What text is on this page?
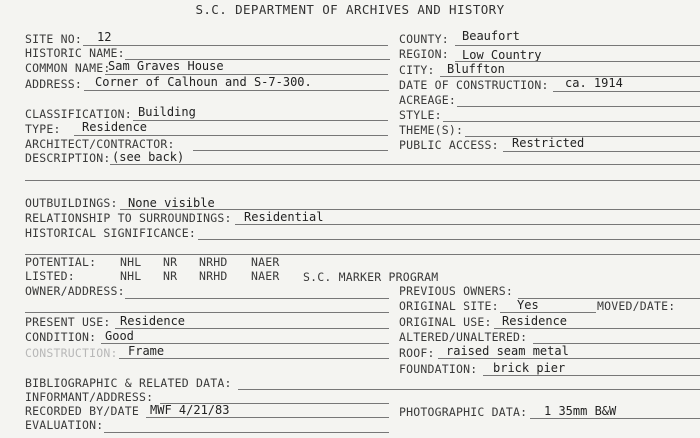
S.C. DEPARTMENT OF ARCHIVES AND HISTORY
SITE NO: 12
HISTORIC NAME:
COMMON NAME:
Sam Graves House
ADDRESS: Corner of Calhoun and S-7-300.
CLASSIFICATION: Building
TYPE: Residence
ARCHITECT/CONTRACTOR:
DESCRIPTION: (see back)
COUNTY: Beaufort
REGION: Low Country
CITY: Bluffton
DATE OF CONSTRUCTION: ca. 1914
ACREAGE:
STYLE:
THEME(S):
PUBLIC ACCESS: Restricted
OUTBUILDINGS: None visible
RELATIONSHIP TO SURROUNDINGS: Residential
HISTORICAL SIGNIFICANCE:
POTENTIAL: NHL NR NRHD NAER
LISTED:	NHL NR NRHD NAER S.C. MARKER PROGRAM
OWNER/ADDRESS:
PRESENT USE: Residence
CONDITION: Good
CONSTRUCTION: Frame
BIBLIOGRAPHIC & RELATED DATA:
INFORMANT/ADDRESS:
RECORDED BY/DATE MWF 4/21/83
EVALUATION:
PREVIOUS OWNERS:
ORIGINAL SITE: Yes	MOVED/DATE:
ORIGINAL USE: Residence
ALTERED/UNALTERED:
ROOF: raised seam metal
FOUNDATION: brick pier
PHOTOGRAPHIC DATA: 1 35mm B&W
